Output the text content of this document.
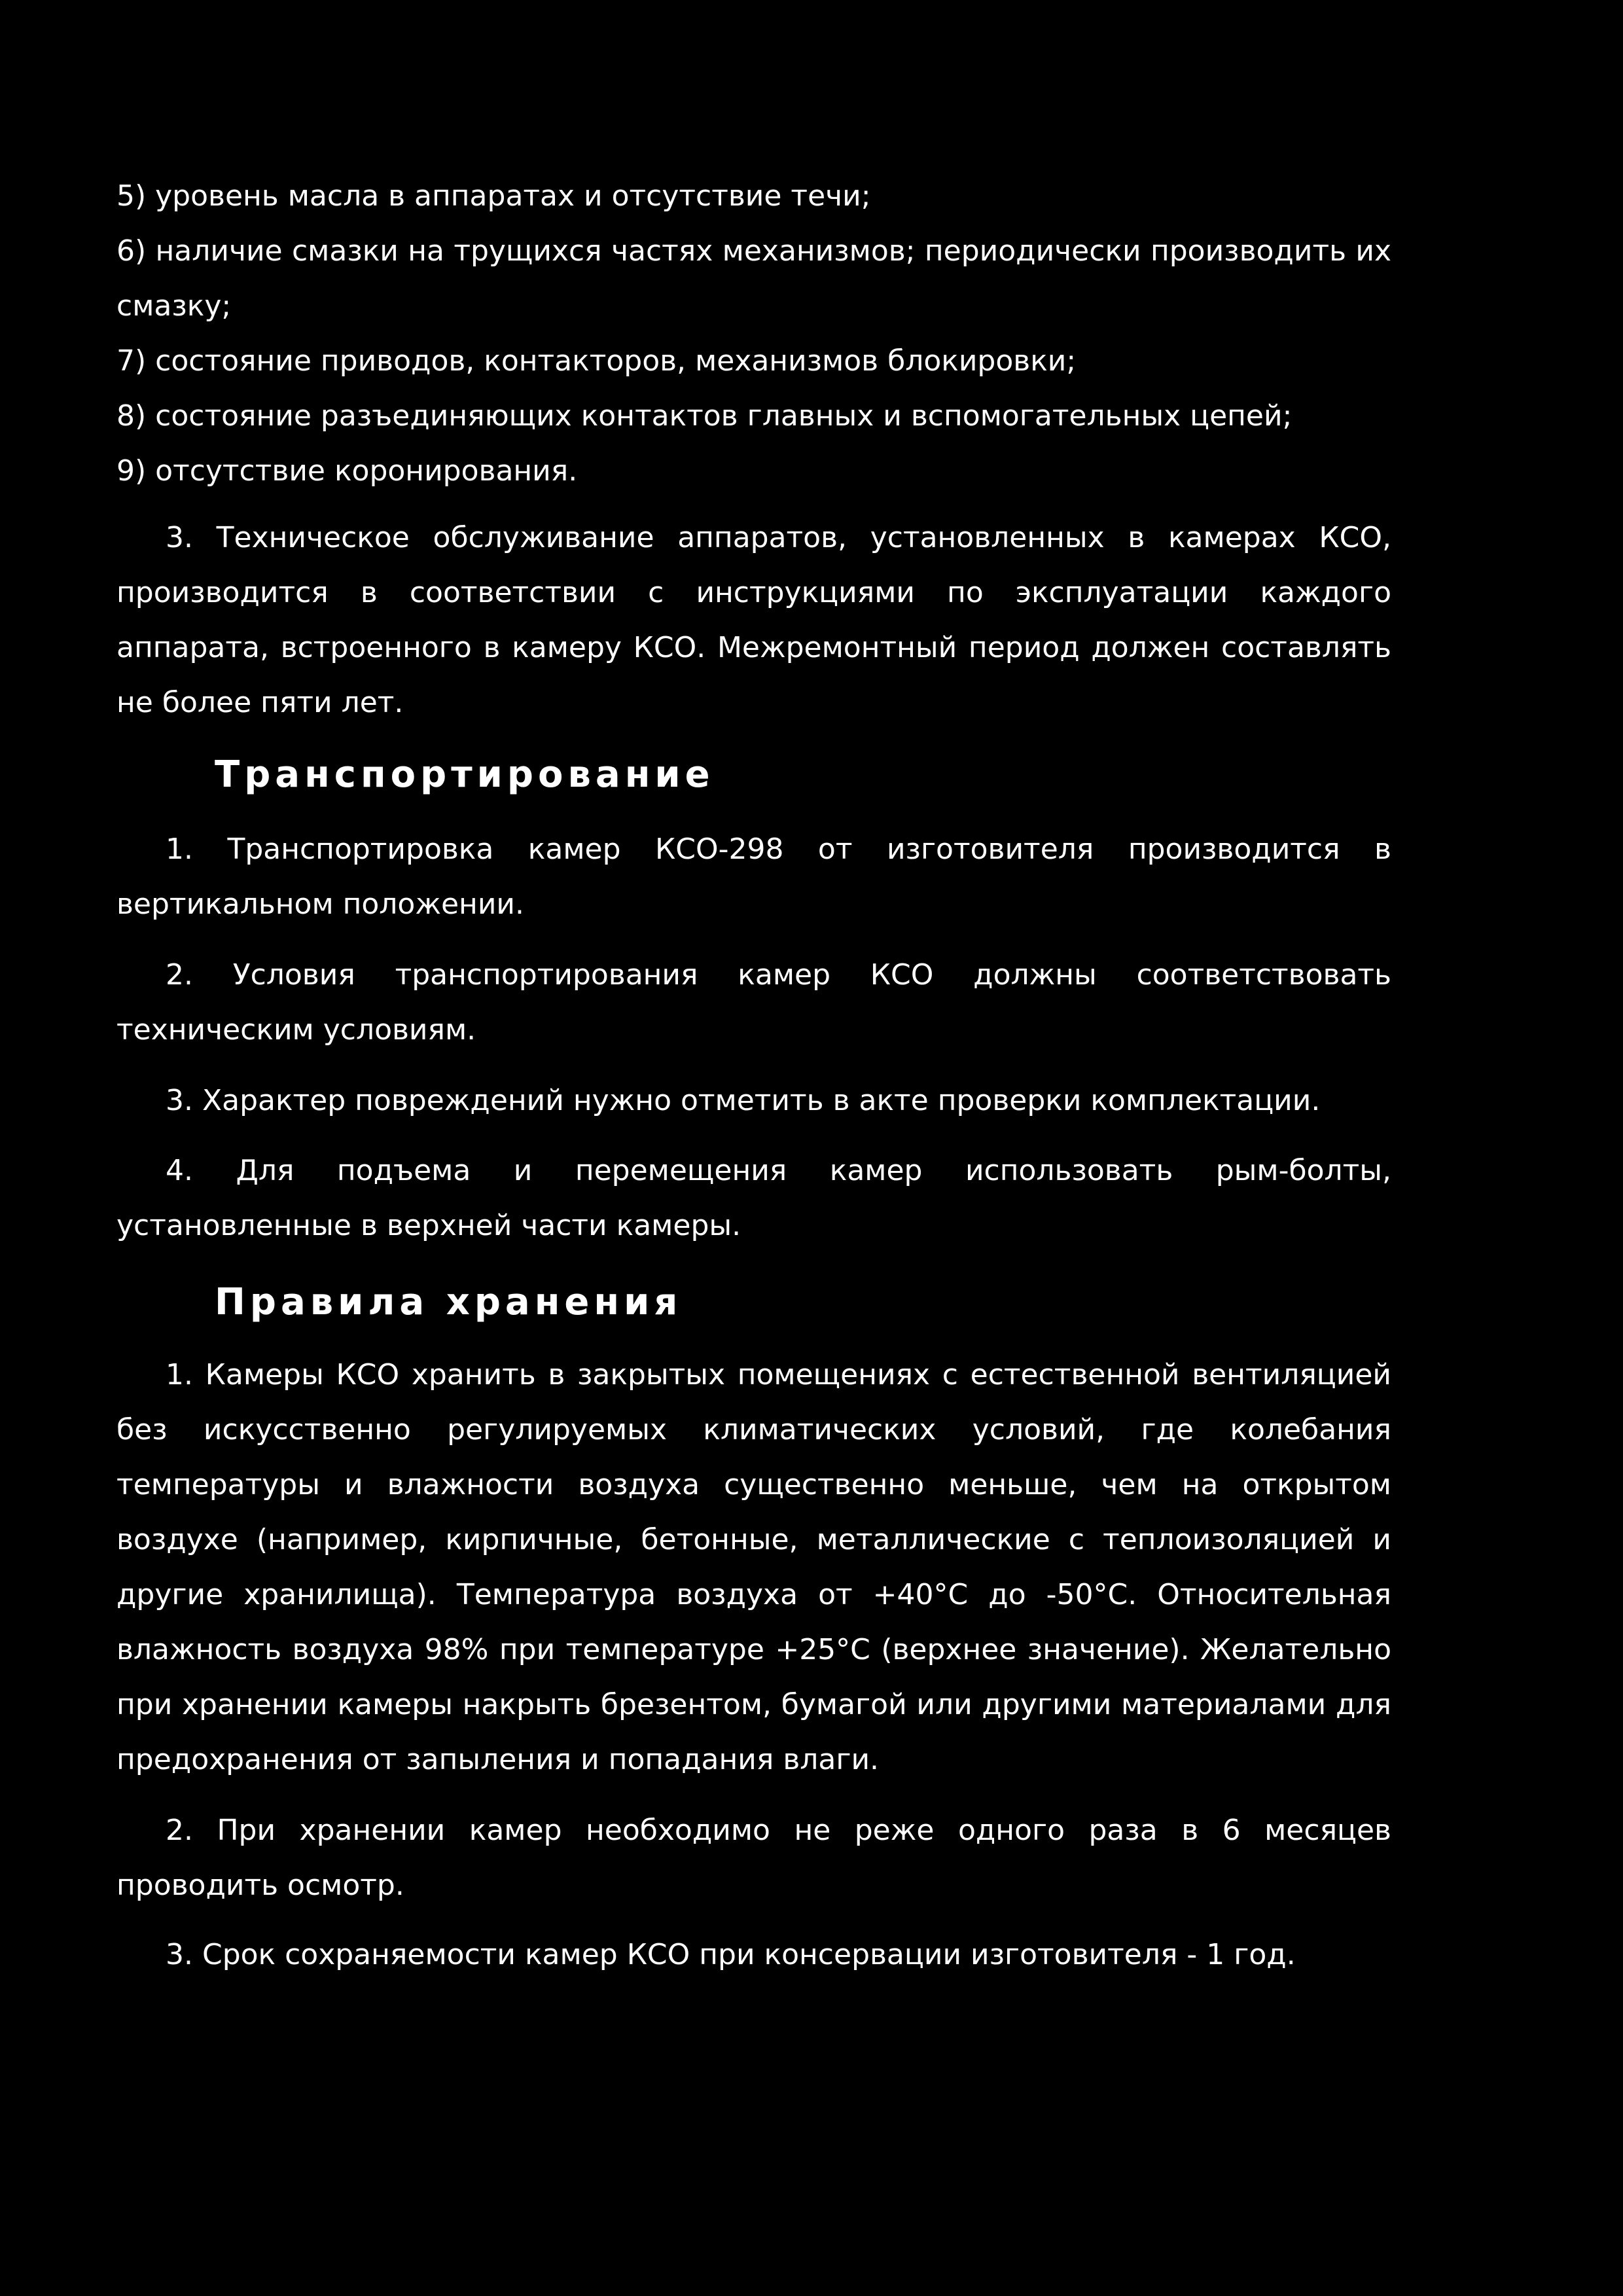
5) уровень масла в аппаратах и отсутствие течи;

6) наличие смазки на трущихся частях механизмов; периодически производить их смазку;

7) состояние приводов, контакторов, механизмов блокировки;

8) состояние разъединяющих контактов главных и вспомогательных цепей;

9) отсутствие коронирования.

3. Техническое обслуживание аппаратов, установленных в камерах КСО, производится в соответствии с инструкциями по эксплуатации каждого аппарата, встроенного в камеру КСО. Межремонтный период должен составлять не более пяти лет.

Транспортирование

1. Транспортировка камер КСО-298 от изготовителя производится в вертикальном положении.

2. Условия транспортирования камер КСО должны соответствовать техническим условиям.

3. Характер повреждений нужно отметить в акте проверки комплектации.

4. Для подъема и перемещения камер использовать рым-болты, установленные в верхней части камеры.

Правила хранения

1. Камеры КСО хранить в закрытых помещениях с естественной вентиляцией без искусственно регулируемых климатических условий, где колебания температуры и влажности воздуха существенно меньше, чем на открытом воздухе (например, кирпичные, бетонные, металлические с теплоизоляцией и другие хранилища). Температура воздуха от +40°С до -50°С. Относительная влажность воздуха 98% при температуре +25°С (верхнее значение). Желательно при хранении камеры накрыть брезентом, бумагой или другими материалами для предохранения от запыления и попадания влаги.

2. При хранении камер необходимо не реже одного раза в 6 месяцев проводить осмотр.

3. Срок сохраняемости камер КСО при консервации изготовителя - 1 год.
